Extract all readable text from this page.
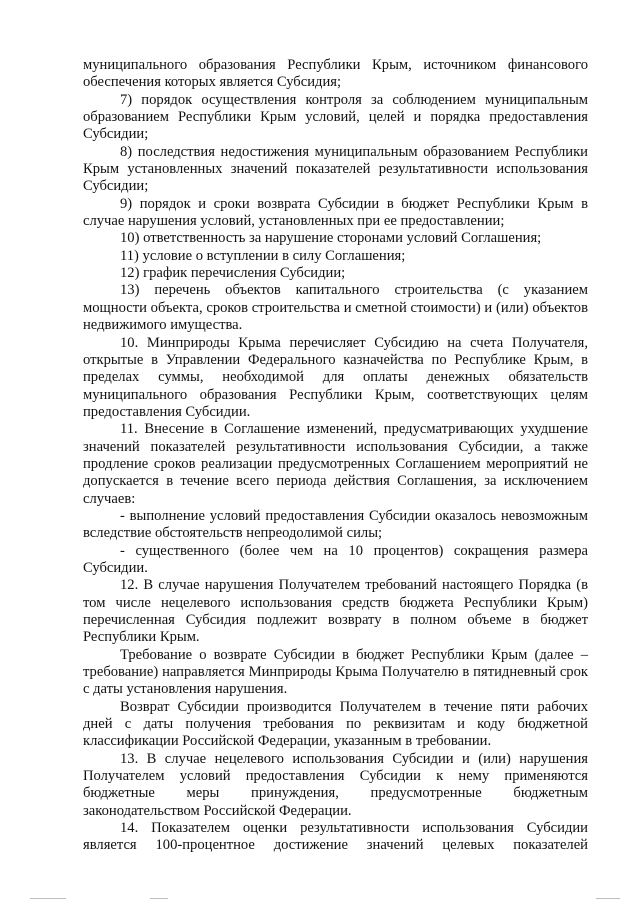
муниципального образования Республики Крым, источником финансового обеспечения которых является Субсидия;

7) порядок осуществления контроля за соблюдением муниципальным образованием Республики Крым условий, целей и порядка предоставления Субсидии;

8) последствия недостижения муниципальным образованием Республики Крым установленных значений показателей результативности использования Субсидии;

9) порядок и сроки возврата Субсидии в бюджет Республики Крым в случае нарушения условий, установленных при ее предоставлении;

10) ответственность за нарушение сторонами условий Соглашения;

11) условие о вступлении в силу Соглашения;

12) график перечисления Субсидии;

13) перечень объектов капитального строительства (с указанием мощности объекта, сроков строительства и сметной стоимости) и (или) объектов недвижимого имущества.

10. Минприроды Крыма перечисляет Субсидию на счета Получателя, открытые в Управлении Федерального казначейства по Республике Крым, в пределах суммы, необходимой для оплаты денежных обязательств муниципального образования Республики Крым, соответствующих целям предоставления Субсидии.

11. Внесение в Соглашение изменений, предусматривающих ухудшение значений показателей результативности использования Субсидии, а также продление сроков реализации предусмотренных Соглашением мероприятий не допускается в течение всего периода действия Соглашения, за исключением случаев:

- выполнение условий предоставления Субсидии оказалось невозможным вследствие обстоятельств непреодолимой силы;

- существенного (более чем на 10 процентов) сокращения размера Субсидии.

12. В случае нарушения Получателем требований настоящего Порядка (в том числе нецелевого использования средств бюджета Республики Крым) перечисленная Субсидия подлежит возврату в полном объеме в бюджет Республики Крым.

Требование о возврате Субсидии в бюджет Республики Крым (далее – требование) направляется Минприроды Крыма Получателю в пятидневный срок с даты установления нарушения.

Возврат Субсидии производится Получателем в течение пяти рабочих дней с даты получения требования по реквизитам и коду бюджетной классификации Российской Федерации, указанным в требовании.

13. В случае нецелевого использования Субсидии и (или) нарушения Получателем условий предоставления Субсидии к нему применяются бюджетные меры принуждения, предусмотренные бюджетным законодательством Российской Федерации.

14. Показателем оценки результативности использования Субсидии является 100-процентное достижение значений целевых показателей
